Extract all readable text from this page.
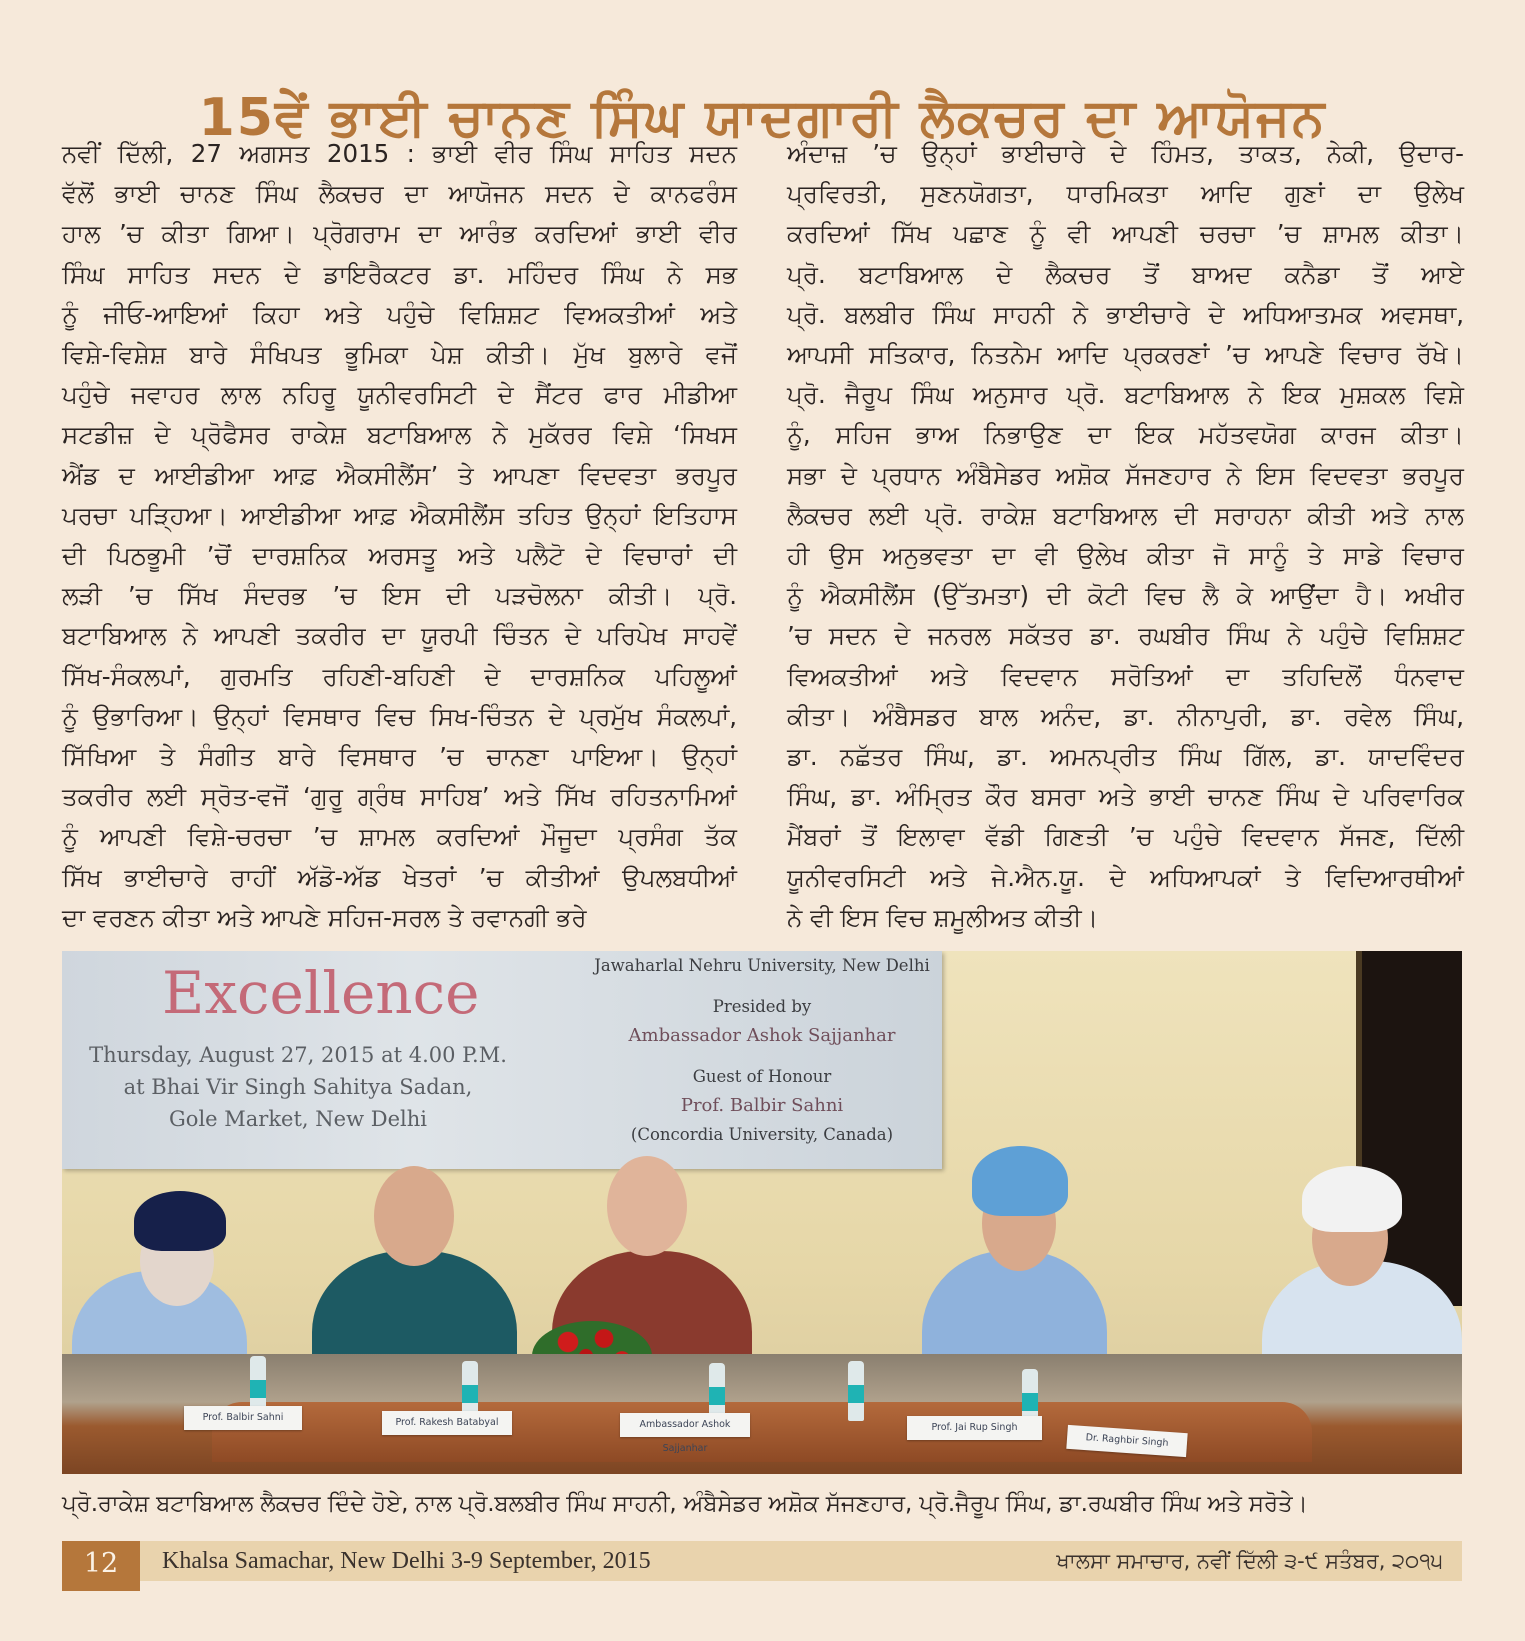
15ਵੇਂ ਭਾਈ ਚਾਨਣ ਸਿੰਘ ਯਾਦਗਾਰੀ ਲੈਕਚਰ ਦਾ ਆਯੋਜਨ
ਨਵੀਂ ਦਿੱਲੀ, 27 ਅਗਸਤ 2015 : ਭਾਈ ਵੀਰ ਸਿੰਘ ਸਾਹਿਤ ਸਦਨ
ਵੱਲੋਂ ਭਾਈ ਚਾਨਣ ਸਿੰਘ ਲੈਕਚਰ ਦਾ ਆਯੋਜਨ ਸਦਨ ਦੇ ਕਾਨਫਰੰਸ
ਹਾਲ ’ਚ ਕੀਤਾ ਗਿਆ। ਪ੍ਰੋਗਰਾਮ ਦਾ ਆਰੰਭ ਕਰਦਿਆਂ ਭਾਈ ਵੀਰ
ਸਿੰਘ ਸਾਹਿਤ ਸਦਨ ਦੇ ਡਾਇਰੈਕਟਰ ਡਾ. ਮਹਿੰਦਰ ਸਿੰਘ ਨੇ ਸਭ
ਨੂੰ ਜੀਓ-ਆਇਆਂ ਕਿਹਾ ਅਤੇ ਪਹੁੰਚੇ ਵਿਸ਼ਿਸ਼ਟ ਵਿਅਕਤੀਆਂ ਅਤੇ
ਵਿਸ਼ੇ-ਵਿਸ਼ੇਸ਼ ਬਾਰੇ ਸੰਖਿਪਤ ਭੂਮਿਕਾ ਪੇਸ਼ ਕੀਤੀ। ਮੁੱਖ ਬੁਲਾਰੇ ਵਜੋਂ
ਪਹੁੰਚੇ ਜਵਾਹਰ ਲਾਲ ਨਹਿਰੂ ਯੂਨੀਵਰਸਿਟੀ ਦੇ ਸੈਂਟਰ ਫਾਰ ਮੀਡੀਆ
ਸਟਡੀਜ਼ ਦੇ ਪ੍ਰੋਫੈਸਰ ਰਾਕੇਸ਼ ਬਟਾਬਿਆਲ ਨੇ ਮੁਕੱਰਰ ਵਿਸ਼ੇ ‘ਸਿਖਸ
ਐਂਡ ਦ ਆਈਡੀਆ ਆਫ਼ ਐਕਸੀਲੈਂਸ’ ਤੇ ਆਪਣਾ ਵਿਦਵਤਾ ਭਰਪੂਰ
ਪਰਚਾ ਪੜ੍ਹਿਆ। ਆਈਡੀਆ ਆਫ਼ ਐਕਸੀਲੈਂਸ ਤਹਿਤ ਉਨ੍ਹਾਂ ਇਤਿਹਾਸ
ਦੀ ਪਿਠਭੂਮੀ ’ਚੋਂ ਦਾਰਸ਼ਨਿਕ ਅਰਸਤੂ ਅਤੇ ਪਲੈਟੋ ਦੇ ਵਿਚਾਰਾਂ ਦੀ
ਲੜੀ ’ਚ ਸਿੱਖ ਸੰਦਰਭ ’ਚ ਇਸ ਦੀ ਪੜਚੋਲਨਾ ਕੀਤੀ। ਪ੍ਰੋ.
ਬਟਾਬਿਆਲ ਨੇ ਆਪਣੀ ਤਕਰੀਰ ਦਾ ਯੂਰਪੀ ਚਿੰਤਨ ਦੇ ਪਰਿਪੇਖ ਸਾਹਵੇਂ
ਸਿੱਖ-ਸੰਕਲਪਾਂ, ਗੁਰਮਤਿ ਰਹਿਣੀ-ਬਹਿਣੀ ਦੇ ਦਾਰਸ਼ਨਿਕ ਪਹਿਲੂਆਂ
ਨੂੰ ਉਭਾਰਿਆ। ਉਨ੍ਹਾਂ ਵਿਸਥਾਰ ਵਿਚ ਸਿਖ-ਚਿੰਤਨ ਦੇ ਪ੍ਰਮੁੱਖ ਸੰਕਲਪਾਂ,
ਸਿੱਖਿਆ ਤੇ ਸੰਗੀਤ ਬਾਰੇ ਵਿਸਥਾਰ ’ਚ ਚਾਨਣਾ ਪਾਇਆ। ਉਨ੍ਹਾਂ
ਤਕਰੀਰ ਲਈ ਸ੍ਰੋਤ-ਵਜੋਂ ‘ਗੁਰੂ ਗ੍ਰੰਥ ਸਾਹਿਬ’ ਅਤੇ ਸਿੱਖ ਰਹਿਤਨਾਮਿਆਂ
ਨੂੰ ਆਪਣੀ ਵਿਸ਼ੇ-ਚਰਚਾ ’ਚ ਸ਼ਾਮਲ ਕਰਦਿਆਂ ਮੌਜੂਦਾ ਪ੍ਰਸੰਗ ਤੱਕ
ਸਿੱਖ ਭਾਈਚਾਰੇ ਰਾਹੀਂ ਅੱਡੋ-ਅੱਡ ਖੇਤਰਾਂ ’ਚ ਕੀਤੀਆਂ ਉਪਲਬਧੀਆਂ
ਦਾ ਵਰਣਨ ਕੀਤਾ ਅਤੇ ਆਪਣੇ ਸਹਿਜ-ਸਰਲ ਤੇ ਰਵਾਨਗੀ ਭਰੇ
ਅੰਦਾਜ਼ ’ਚ ਉਨ੍ਹਾਂ ਭਾਈਚਾਰੇ ਦੇ ਹਿੰਮਤ, ਤਾਕਤ, ਨੇਕੀ, ਉਦਾਰ-
ਪ੍ਰਵਿਰਤੀ, ਸੁਣਨਯੋਗਤਾ, ਧਾਰਮਿਕਤਾ ਆਦਿ ਗੁਣਾਂ ਦਾ ਉਲੇਖ
ਕਰਦਿਆਂ ਸਿੱਖ ਪਛਾਣ ਨੂੰ ਵੀ ਆਪਣੀ ਚਰਚਾ ’ਚ ਸ਼ਾਮਲ ਕੀਤਾ।
ਪ੍ਰੋ. ਬਟਾਬਿਆਲ ਦੇ ਲੈਕਚਰ ਤੋਂ ਬਾਅਦ ਕਨੈਡਾ ਤੋਂ ਆਏ
ਪ੍ਰੋ. ਬਲਬੀਰ ਸਿੰਘ ਸਾਹਨੀ ਨੇ ਭਾਈਚਾਰੇ ਦੇ ਅਧਿਆਤਮਕ ਅਵਸਥਾ,
ਆਪਸੀ ਸਤਿਕਾਰ, ਨਿਤਨੇਮ ਆਦਿ ਪ੍ਰਕਰਣਾਂ ’ਚ ਆਪਣੇ ਵਿਚਾਰ ਰੱਖੇ।
ਪ੍ਰੋ. ਜੈਰੂਪ ਸਿੰਘ ਅਨੁਸਾਰ ਪ੍ਰੋ. ਬਟਾਬਿਆਲ ਨੇ ਇਕ ਮੁਸ਼ਕਲ ਵਿਸ਼ੇ
ਨੂੰ, ਸਹਿਜ ਭਾਅ ਨਿਭਾਉਣ ਦਾ ਇਕ ਮਹੱਤਵਯੋਗ ਕਾਰਜ ਕੀਤਾ।
ਸਭਾ ਦੇ ਪ੍ਰਧਾਨ ਅੰਬੈਸੇਡਰ ਅਸ਼ੋਕ ਸੱਜਣਹਾਰ ਨੇ ਇਸ ਵਿਦਵਤਾ ਭਰਪੂਰ
ਲੈਕਚਰ ਲਈ ਪ੍ਰੋ. ਰਾਕੇਸ਼ ਬਟਾਬਿਆਲ ਦੀ ਸਰਾਹਨਾ ਕੀਤੀ ਅਤੇ ਨਾਲ
ਹੀ ਉਸ ਅਨੁਭਵਤਾ ਦਾ ਵੀ ਉਲੇਖ ਕੀਤਾ ਜੋ ਸਾਨੂੰ ਤੇ ਸਾਡੇ ਵਿਚਾਰ
ਨੂੰ ਐਕਸੀਲੈਂਸ (ਉੱਤਮਤਾ) ਦੀ ਕੋਟੀ ਵਿਚ ਲੈ ਕੇ ਆਉਂਦਾ ਹੈ। ਅਖੀਰ
’ਚ ਸਦਨ ਦੇ ਜਨਰਲ ਸਕੱਤਰ ਡਾ. ਰਘਬੀਰ ਸਿੰਘ ਨੇ ਪਹੁੰਚੇ ਵਿਸ਼ਿਸ਼ਟ
ਵਿਅਕਤੀਆਂ ਅਤੇ ਵਿਦਵਾਨ ਸਰੋਤਿਆਂ ਦਾ ਤਹਿਦਿਲੋਂ ਧੰਨਵਾਦ
ਕੀਤਾ। ਅੰਬੈਸਡਰ ਬਾਲ ਅਨੰਦ, ਡਾ. ਨੀਨਾਪੁਰੀ, ਡਾ. ਰਵੇਲ ਸਿੰਘ,
ਡਾ. ਨਛੱਤਰ ਸਿੰਘ, ਡਾ. ਅਮਨਪ੍ਰੀਤ ਸਿੰਘ ਗਿੱਲ, ਡਾ. ਯਾਦਵਿੰਦਰ
ਸਿੰਘ, ਡਾ. ਅੰਮ੍ਰਿਤ ਕੌਰ ਬਸਰਾ ਅਤੇ ਭਾਈ ਚਾਨਣ ਸਿੰਘ ਦੇ ਪਰਿਵਾਰਿਕ
ਮੈਂਬਰਾਂ ਤੋਂ ਇਲਾਵਾ ਵੱਡੀ ਗਿਣਤੀ ’ਚ ਪਹੁੰਚੇ ਵਿਦਵਾਨ ਸੱਜਣ, ਦਿੱਲੀ
ਯੂਨੀਵਰਸਿਟੀ ਅਤੇ ਜੇ.ਐਨ.ਯੂ. ਦੇ ਅਧਿਆਪਕਾਂ ਤੇ ਵਿਦਿਆਰਥੀਆਂ
ਨੇ ਵੀ ਇਸ ਵਿਚ ਸ਼ਮੂਲੀਅਤ ਕੀਤੀ।
Excellence
Thursday, August 27, 2015 at 4.00 P.M.
at Bhai Vir Singh Sahitya Sadan,
Gole Market, New Delhi
Jawaharlal Nehru University, New Delhi
Presided by
Ambassador Ashok Sajjanhar
Guest of Honour
Prof. Balbir Sahni
(Concordia University, Canada)
Prof. Balbir Sahni	Prof. Rakesh Batabyal	Ambassador Ashok Sajjanhar
Prof. Jai Rup Singh
Dr. Raghbir Singh
ਪ੍ਰੋ.ਰਾਕੇਸ਼ ਬਟਾਬਿਆਲ ਲੈਕਚਰ ਦਿੰਦੇ ਹੋਏ, ਨਾਲ ਪ੍ਰੋ.ਬਲਬੀਰ ਸਿੰਘ ਸਾਹਨੀ, ਅੰਬੈਸੇਡਰ ਅਸ਼ੋਕ ਸੱਜਣਹਾਰ, ਪ੍ਰੋ.ਜੈਰੂਪ ਸਿੰਘ, ਡਾ.ਰਘਬੀਰ ਸਿੰਘ ਅਤੇ ਸਰੋਤੇ।
12	Khalsa Samachar, New Delhi 3-9 September, 2015	ਖਾਲਸਾ ਸਮਾਚਾਰ, ਨਵੀਂ ਦਿੱਲੀ ੩-੯ ਸਤੰਬਰ, ੨੦੧੫
